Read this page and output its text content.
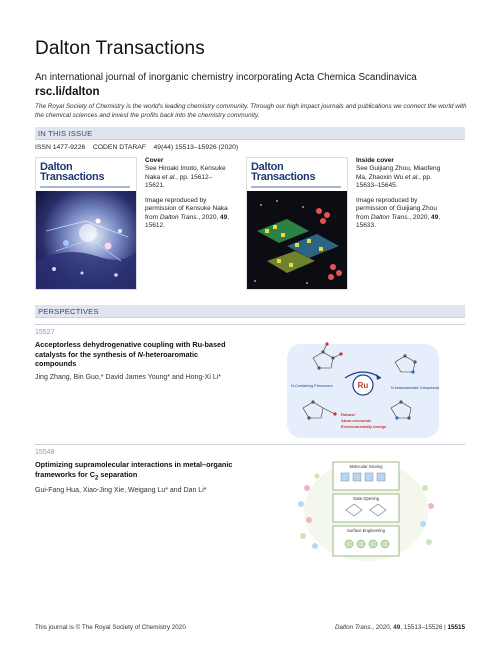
Dalton Transactions
An international journal of inorganic chemistry incorporating Acta Chemica Scandinavica
rsc.li/dalton
The Royal Society of Chemistry is the world's leading chemistry community. Through our high impact journals and publications we connect the world with the chemical sciences and invest the profits back into the chemistry community.
IN THIS ISSUE
ISSN 1477-9226 CODEN DTARAF 49(44) 15513–15926 (2020)
Dalton
Transactions

Cover
See Hiroaki Imoto, Kensuke Naka et al., pp. 15612–15621.

Image reproduced by permission of Kensuke Naka from Dalton Trans., 2020, 49, 15612.

Dalton
Transactions

Inside cover
See Guijiang Zhou, Miaofeng Ma, Zhaoxin Wu et al., pp. 15633–15645.

Image reproduced by permission of Guijiang Zhou from Dalton Trans., 2020, 49, 15633.

PERSPECTIVES
15527
Acceptorless dehydrogenative coupling with Ru-based catalysts for the synthesis of N-heteroaromatic compounds
Jing Zhang, Bin Guo,* David James Young* and Hong-Xi Li*
Ru
N-Containing Precursors	N-heteroaromatic Compounds
Robust
Atom-economic
Environmentally benign
15548
Optimizing supramolecular interactions in metal–organic frameworks for $C_2$ separation
Gui-Fang Hua, Xiao-Jing Xie, Weigang Lu* and Dan Li*
Molecular Sieving
Gate Opening
Surface Engineering
This journal is © The Royal Society of Chemistry 2020	Dalton Trans., 2020, 49, 15513–15526 | 15515
